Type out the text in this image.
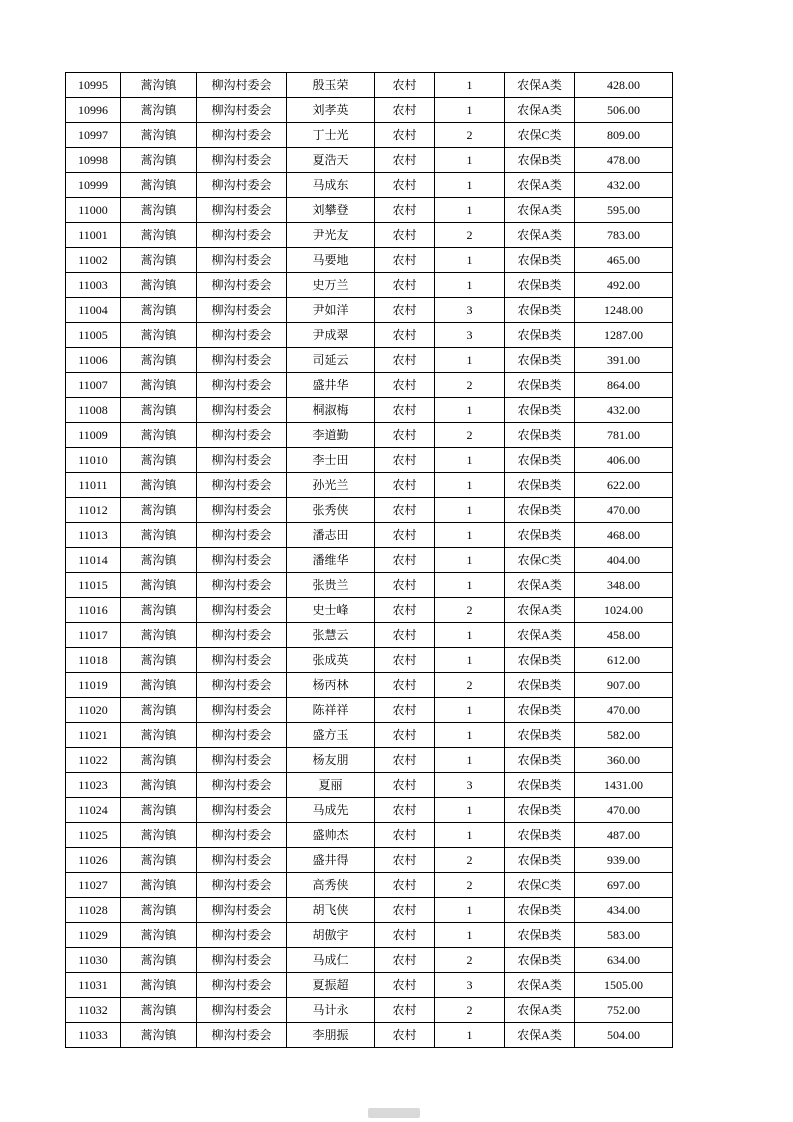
10995	蒿沟镇	柳沟村委会	殷玉荣	农村	1	农保A类	428.00
10996	蒿沟镇	柳沟村委会	刘孝英	农村	1	农保A类	506.00
10997	蒿沟镇	柳沟村委会	丁士光	农村	2	农保C类	809.00
10998	蒿沟镇	柳沟村委会	夏浩天	农村	1	农保B类	478.00
10999	蒿沟镇	柳沟村委会	马成东	农村	1	农保A类	432.00
11000	蒿沟镇	柳沟村委会	刘攀登	农村	1	农保A类	595.00
11001	蒿沟镇	柳沟村委会	尹光友	农村	2	农保A类	783.00
11002	蒿沟镇	柳沟村委会	马要地	农村	1	农保B类	465.00
11003	蒿沟镇	柳沟村委会	史万兰	农村	1	农保B类	492.00
11004	蒿沟镇	柳沟村委会	尹如洋	农村	3	农保B类	1248.00
11005	蒿沟镇	柳沟村委会	尹成翠	农村	3	农保B类	1287.00
11006	蒿沟镇	柳沟村委会	司延云	农村	1	农保B类	391.00
11007	蒿沟镇	柳沟村委会	盛井华	农村	2	农保B类	864.00
11008	蒿沟镇	柳沟村委会	桐淑梅	农村	1	农保B类	432.00
11009	蒿沟镇	柳沟村委会	李道勤	农村	2	农保B类	781.00
11010	蒿沟镇	柳沟村委会	李士田	农村	1	农保B类	406.00
11011	蒿沟镇	柳沟村委会	孙光兰	农村	1	农保B类	622.00
11012	蒿沟镇	柳沟村委会	张秀侠	农村	1	农保B类	470.00
11013	蒿沟镇	柳沟村委会	潘志田	农村	1	农保B类	468.00
11014	蒿沟镇	柳沟村委会	潘维华	农村	1	农保C类	404.00
11015	蒿沟镇	柳沟村委会	张贵兰	农村	1	农保A类	348.00
11016	蒿沟镇	柳沟村委会	史士峰	农村	2	农保A类	1024.00
11017	蒿沟镇	柳沟村委会	张慧云	农村	1	农保A类	458.00
11018	蒿沟镇	柳沟村委会	张成英	农村	1	农保B类	612.00
11019	蒿沟镇	柳沟村委会	杨丙林	农村	2	农保B类	907.00
11020	蒿沟镇	柳沟村委会	陈祥祥	农村	1	农保B类	470.00
11021	蒿沟镇	柳沟村委会	盛方玉	农村	1	农保B类	582.00
11022	蒿沟镇	柳沟村委会	杨友朋	农村	1	农保B类	360.00
11023	蒿沟镇	柳沟村委会	夏丽	农村	3	农保B类	1431.00
11024	蒿沟镇	柳沟村委会	马成先	农村	1	农保B类	470.00
11025	蒿沟镇	柳沟村委会	盛帅杰	农村	1	农保B类	487.00
11026	蒿沟镇	柳沟村委会	盛井得	农村	2	农保B类	939.00
11027	蒿沟镇	柳沟村委会	高秀侠	农村	2	农保C类	697.00
11028	蒿沟镇	柳沟村委会	胡飞侠	农村	1	农保B类	434.00
11029	蒿沟镇	柳沟村委会	胡傲宇	农村	1	农保B类	583.00
11030	蒿沟镇	柳沟村委会	马成仁	农村	2	农保B类	634.00
11031	蒿沟镇	柳沟村委会	夏振超	农村	3	农保A类	1505.00
11032	蒿沟镇	柳沟村委会	马计永	农村	2	农保A类	752.00
11033	蒿沟镇	柳沟村委会	李朋振	农村	1	农保A类	504.00
